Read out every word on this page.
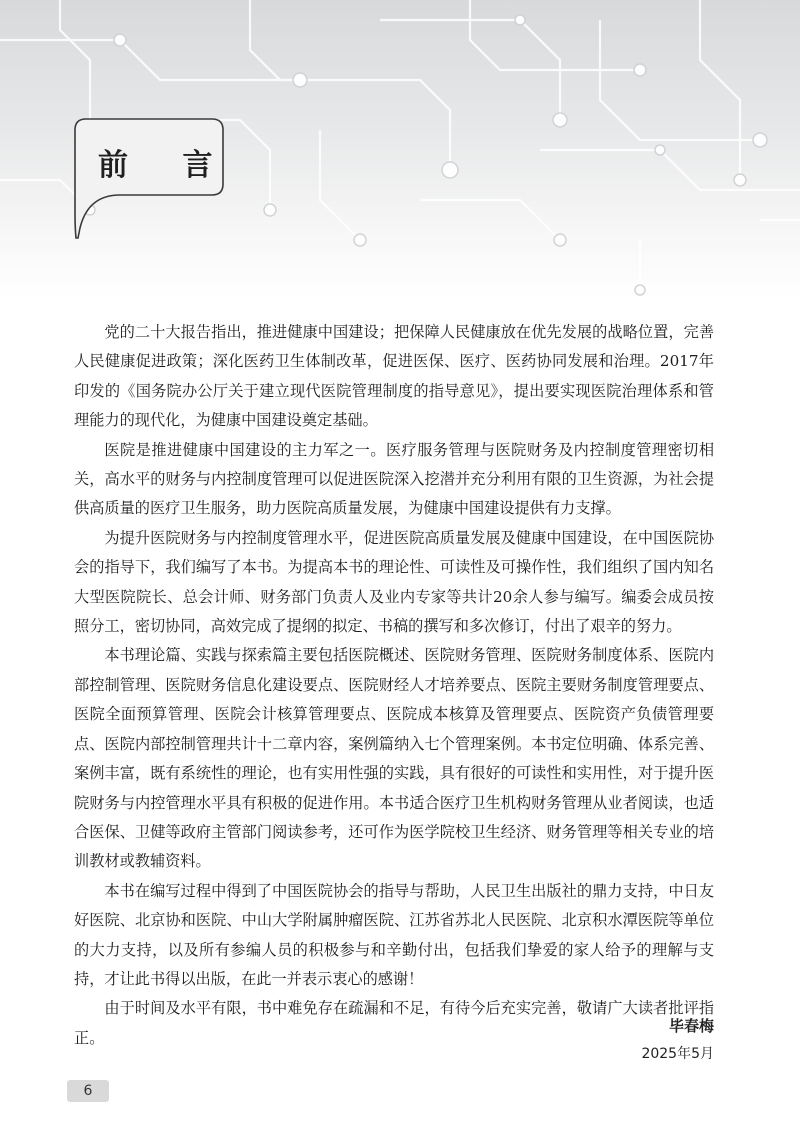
前 言

党的二十大报告指出，推进健康中国建设；把保障人民健康放在优先发展的战略位置，完善人民健康促进政策；深化医药卫生体制改革，促进医保、医疗、医药协同发展和治理。2017年印发的《国务院办公厅关于建立现代医院管理制度的指导意见》，提出要实现医院治理体系和管理能力的现代化，为健康中国建设奠定基础。

医院是推进健康中国建设的主力军之一。医疗服务管理与医院财务及内控制度管理密切相关，高水平的财务与内控制度管理可以促进医院深入挖潜并充分利用有限的卫生资源，为社会提供高质量的医疗卫生服务，助力医院高质量发展，为健康中国建设提供有力支撑。

为提升医院财务与内控制度管理水平，促进医院高质量发展及健康中国建设，在中国医院协会的指导下，我们编写了本书。为提高本书的理论性、可读性及可操作性，我们组织了国内知名大型医院院长、总会计师、财务部门负责人及业内专家等共计20余人参与编写。编委会成员按照分工，密切协同，高效完成了提纲的拟定、书稿的撰写和多次修订，付出了艰辛的努力。

本书理论篇、实践与探索篇主要包括医院概述、医院财务管理、医院财务制度体系、医院内部控制管理、医院财务信息化建设要点、医院财经人才培养要点、医院主要财务制度管理要点、医院全面预算管理、医院会计核算管理要点、医院成本核算及管理要点、医院资产负债管理要点、医院内部控制管理共计十二章内容，案例篇纳入七个管理案例。本书定位明确、体系完善、案例丰富，既有系统性的理论，也有实用性强的实践，具有很好的可读性和实用性，对于提升医院财务与内控管理水平具有积极的促进作用。本书适合医疗卫生机构财务管理从业者阅读，也适合医保、卫健等政府主管部门阅读参考，还可作为医学院校卫生经济、财务管理等相关专业的培训教材或教辅资料。

本书在编写过程中得到了中国医院协会的指导与帮助，人民卫生出版社的鼎力支持，中日友好医院、北京协和医院、中山大学附属肿瘤医院、江苏省苏北人民医院、北京积水潭医院等单位的大力支持，以及所有参编人员的积极参与和辛勤付出，包括我们挚爱的家人给予的理解与支持，才让此书得以出版，在此一并表示衷心的感谢！

由于时间及水平有限，书中难免存在疏漏和不足，有待今后充实完善，敬请广大读者批评指正。

毕春梅
2025年5月
6
